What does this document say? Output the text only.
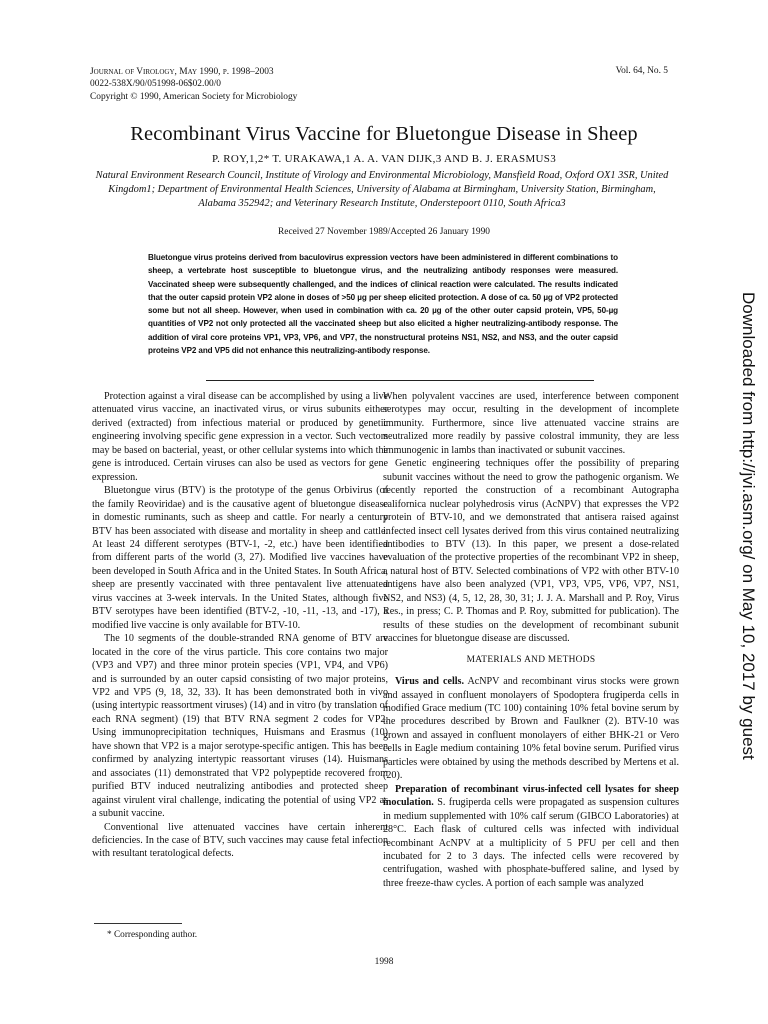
Journal of Virology, May 1990, p. 1998–2003
0022-538X/90/051998-06$02.00/0
Copyright © 1990, American Society for Microbiology
Vol. 64, No. 5
Recombinant Virus Vaccine for Bluetongue Disease in Sheep
P. ROY,1,2* T. URAKAWA,1 A. A. VAN DIJK,3 AND B. J. ERASMUS3
Natural Environment Research Council, Institute of Virology and Environmental Microbiology, Mansfield Road, Oxford OX1 3SR, United Kingdom1; Department of Environmental Health Sciences, University of Alabama at Birmingham, University Station, Birmingham, Alabama 352942; and Veterinary Research Institute, Onderstepoort 0110, South Africa3
Received 27 November 1989/Accepted 26 January 1990
Bluetongue virus proteins derived from baculovirus expression vectors have been administered in different combinations to sheep, a vertebrate host susceptible to bluetongue virus, and the neutralizing antibody responses were measured. Vaccinated sheep were subsequently challenged, and the indices of clinical reaction were calculated. The results indicated that the outer capsid protein VP2 alone in doses of >50 µg per sheep elicited protection. A dose of ca. 50 µg of VP2 protected some but not all sheep. However, when used in combination with ca. 20 µg of the other outer capsid protein, VP5, 50-µg quantities of VP2 not only protected all the vaccinated sheep but also elicited a higher neutralizing-antibody response. The addition of viral core proteins VP1, VP3, VP6, and VP7, the nonstructural proteins NS1, NS2, and NS3, and the outer capsid proteins VP2 and VP5 did not enhance this neutralizing-antibody response.

Protection against a viral disease can be accomplished by using a live attenuated virus vaccine, an inactivated virus, or virus subunits either derived (extracted) from infectious material or produced by genetic engineering involving specific gene expression in a vector. Such vectors may be based on bacterial, yeast, or other cellular systems into which the gene is introduced. Certain viruses can also be used as vectors for gene expression.

Bluetongue virus (BTV) is the prototype of the genus Orbivirus (of the family Reoviridae) and is the causative agent of bluetongue disease in domestic ruminants, such as sheep and cattle. For nearly a century BTV has been associated with disease and mortality in sheep and cattle. At least 24 different serotypes (BTV-1, -2, etc.) have been identified from different parts of the world (3, 27). Modified live vaccines have been developed in South Africa and in the United States. In South Africa, sheep are presently vaccinated with three pentavalent live attenuated virus vaccines at 3-week intervals. In the United States, although five BTV serotypes have been identified (BTV-2, -10, -11, -13, and -17), a modified live vaccine is only available for BTV-10.

The 10 segments of the double-stranded RNA genome of BTV are located in the core of the virus particle. This core contains two major (VP3 and VP7) and three minor protein species (VP1, VP4, and VP6) and is surrounded by an outer capsid consisting of two major proteins, VP2 and VP5 (9, 18, 32, 33). It has been demonstrated both in vivo (using intertypic reassortment viruses) (14) and in vitro (by translation of each RNA segment) (19) that BTV RNA segment 2 codes for VP2. Using immunoprecipitation techniques, Huismans and Erasmus (10) have shown that VP2 is a major serotype-specific antigen. This has been confirmed by analyzing intertypic reassortant viruses (14). Huismans and associates (11) demonstrated that VP2 polypeptide recovered from purified BTV induced neutralizing antibodies and protected sheep against virulent viral challenge, indicating the potential of using VP2 as a subunit vaccine.

Conventional live attenuated vaccines have certain inherent deficiencies. In the case of BTV, such vaccines may cause fetal infection with resultant teratological defects.

When polyvalent vaccines are used, interference between component serotypes may occur, resulting in the development of incomplete immunity. Furthermore, since live attenuated vaccine strains are neutralized more readily by passive colostral immunity, they are less immunogenic in lambs than inactivated or subunit vaccines.

Genetic engineering techniques offer the possibility of preparing subunit vaccines without the need to grow the pathogenic organism. We recently reported the construction of a recombinant Autographa californica nuclear polyhedrosis virus (AcNPV) that expresses the VP2 protein of BTV-10, and we demonstrated that antisera raised against infected insect cell lysates derived from this virus contained neutralizing antibodies to BTV (13). In this paper, we present a dose-related evaluation of the protective properties of the recombinant VP2 in sheep, a natural host of BTV. Selected combinations of VP2 with other BTV-10 antigens have also been analyzed (VP1, VP3, VP5, VP6, VP7, NS1, NS2, and NS3) (4, 5, 12, 28, 30, 31; J. J. A. Marshall and P. Roy, Virus Res., in press; C. P. Thomas and P. Roy, submitted for publication). The results of these studies on the development of recombinant subunit vaccines for bluetongue disease are discussed.

MATERIALS AND METHODS

Virus and cells. AcNPV and recombinant virus stocks were grown and assayed in confluent monolayers of Spodoptera frugiperda cells in modified Grace medium (TC 100) containing 10% fetal bovine serum by the procedures described by Brown and Faulkner (2). BTV-10 was grown and assayed in confluent monolayers of either BHK-21 or Vero cells in Eagle medium containing 10% fetal bovine serum. Purified virus particles were obtained by using the methods described by Mertens et al. (20).

Preparation of recombinant virus-infected cell lysates for sheep inoculation. S. frugiperda cells were propagated as suspension cultures in medium supplemented with 10% calf serum (GIBCO Laboratories) at 28°C. Each flask of cultured cells was infected with individual recombinant AcNPV at a multiplicity of 5 PFU per cell and then incubated for 2 to 3 days. The infected cells were recovered by centrifugation, washed with phosphate-buffered saline, and lysed by three freeze-thaw cycles. A portion of each sample was analyzed

* Corresponding author.
1998
Downloaded from http://jvi.asm.org/ on May 10, 2017 by guest
